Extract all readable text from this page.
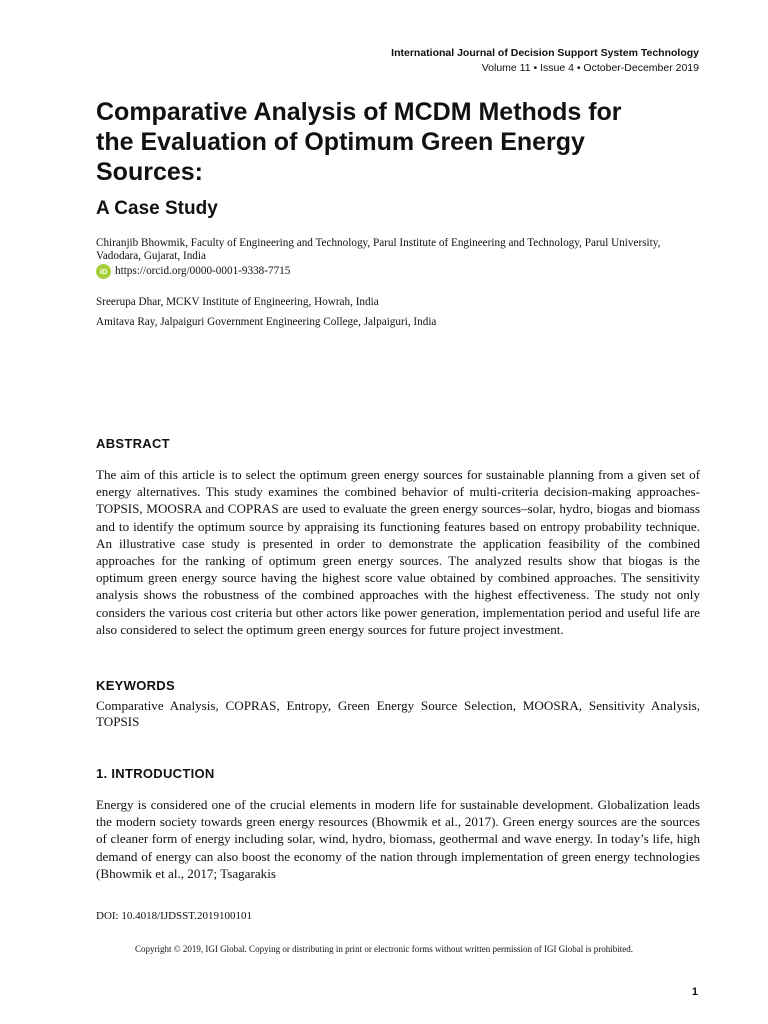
International Journal of Decision Support System Technology
Volume 11 • Issue 4 • October-December 2019
Comparative Analysis of MCDM Methods for the Evaluation of Optimum Green Energy Sources:
A Case Study

Chiranjib Bhowmik, Faculty of Engineering and Technology, Parul Institute of Engineering and Technology, Parul University, Vadodara, Gujarat, India

iD https://orcid.org/0000-0001-9338-7715

Sreerupa Dhar, MCKV Institute of Engineering, Howrah, India
Amitava Ray, Jalpaiguri Government Engineering College, Jalpaiguri, India
ABSTRACT

The aim of this article is to select the optimum green energy sources for sustainable planning from a given set of energy alternatives. This study examines the combined behavior of multi-criteria decision-making approaches-TOPSIS, MOOSRA and COPRAS are used to evaluate the green energy sources–solar, hydro, biogas and biomass and to identify the optimum source by appraising its functioning features based on entropy probability technique. An illustrative case study is presented in order to demonstrate the application feasibility of the combined approaches for the ranking of optimum green energy sources. The analyzed results show that biogas is the optimum green energy source having the highest score value obtained by combined approaches. The sensitivity analysis shows the robustness of the combined approaches with the highest effectiveness. The study not only considers the various cost criteria but other actors like power generation, implementation period and useful life are also considered to select the optimum green energy sources for future project investment.

KEYWORDS

Comparative Analysis, COPRAS, Entropy, Green Energy Source Selection, MOOSRA, Sensitivity Analysis, TOPSIS

1. INTRODUCTION

Energy is considered one of the crucial elements in modern life for sustainable development. Globalization leads the modern society towards green energy resources (Bhowmik et al., 2017). Green energy sources are the sources of cleaner form of energy including solar, wind, hydro, biomass, geothermal and wave energy. In today’s life, high demand of energy can also boost the economy of the nation through implementation of green energy technologies (Bhowmik et al., 2017; Tsagarakis

DOI: 10.4018/IJDSST.2019100101
Copyright © 2019, IGI Global. Copying or distributing in print or electronic forms without written permission of IGI Global is prohibited.
1
